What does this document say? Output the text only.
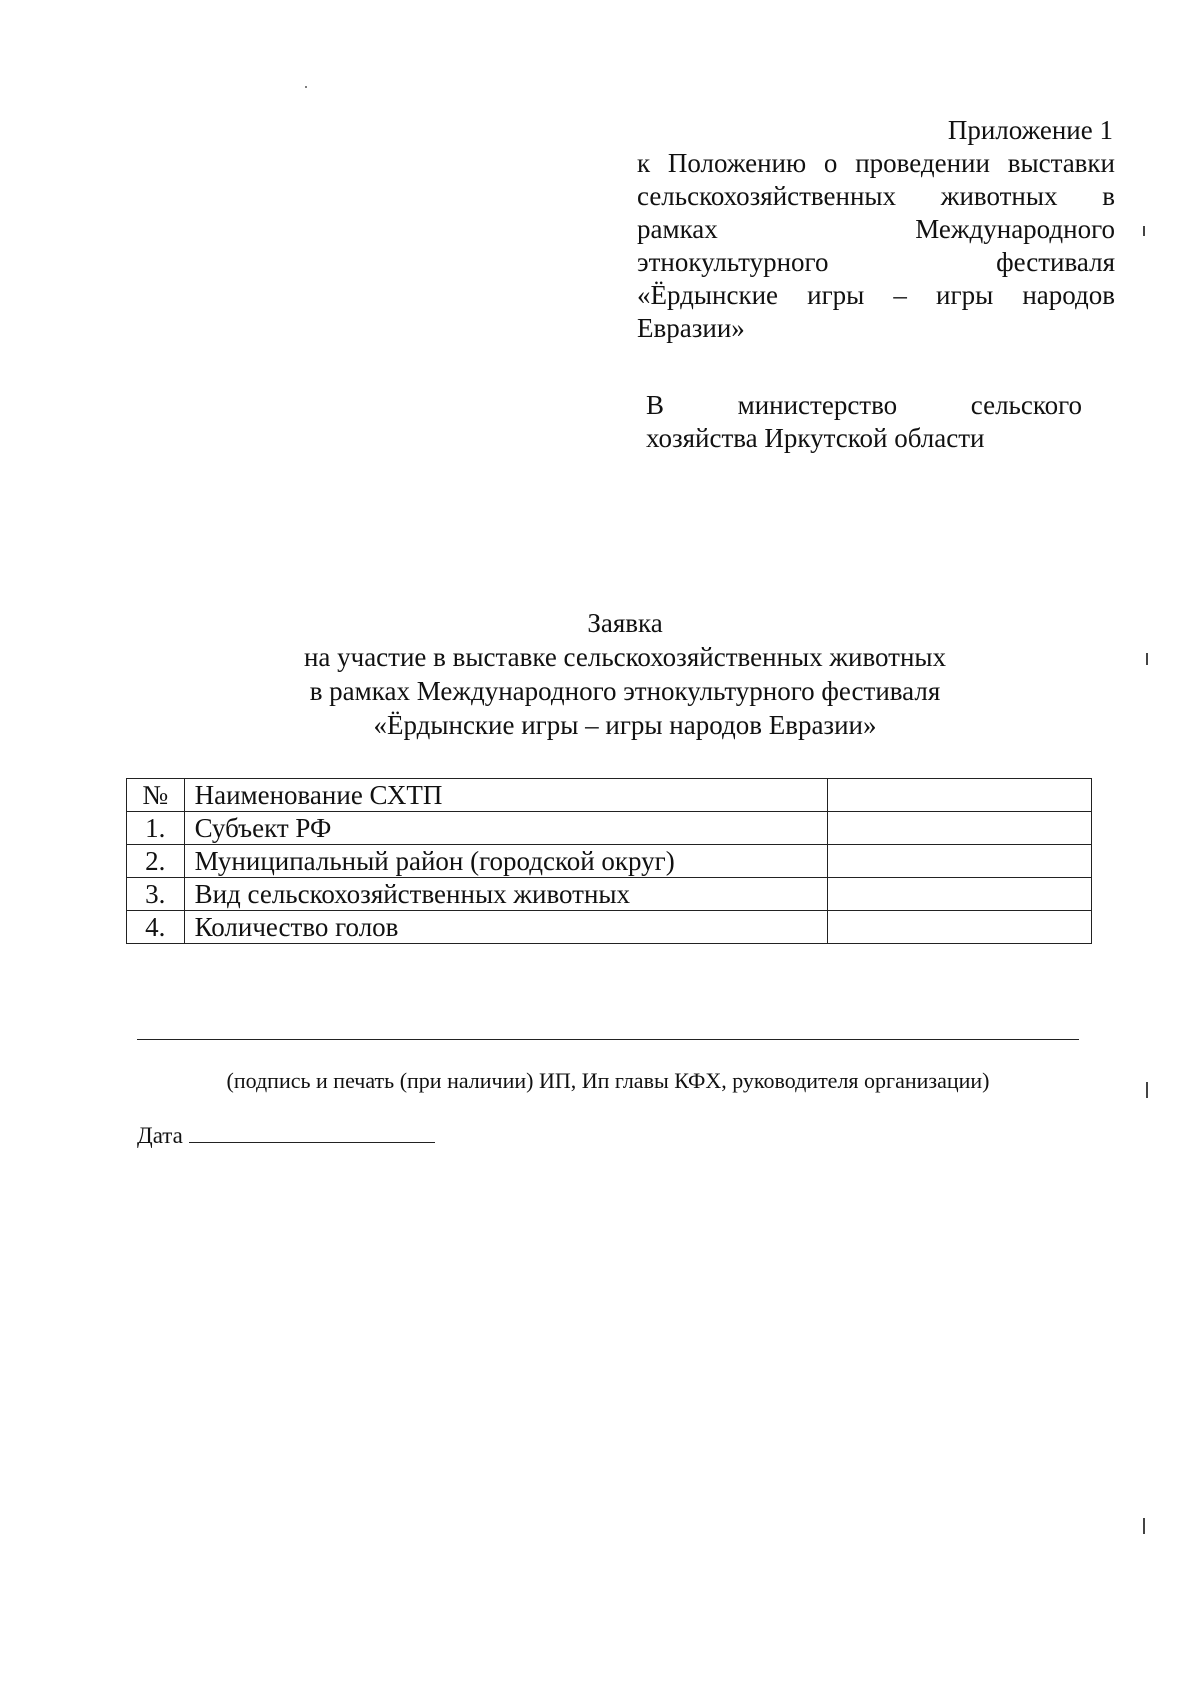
Приложение 1
к Положению о проведении выставки
сельскохозяйственных животных в
рамках Международного
этнокультурного фестиваля
«Ёрдынские игры – игры народов
Евразии»
В министерство сельского
хозяйства Иркутской области
Заявка
на участие в выставке сельскохозяйственных животных
в рамках Международного этнокультурного фестиваля
«Ёрдынские игры – игры народов Евразии»
№	Наименование СХТП	
1.	Субъект РФ	
2.	Муниципальный район (городской округ)	
3.	Вид сельскохозяйственных животных	
4.	Количество голов	
(подпись и печать (при наличии) ИП, Ип главы КФХ, руководителя организации)
Дата
